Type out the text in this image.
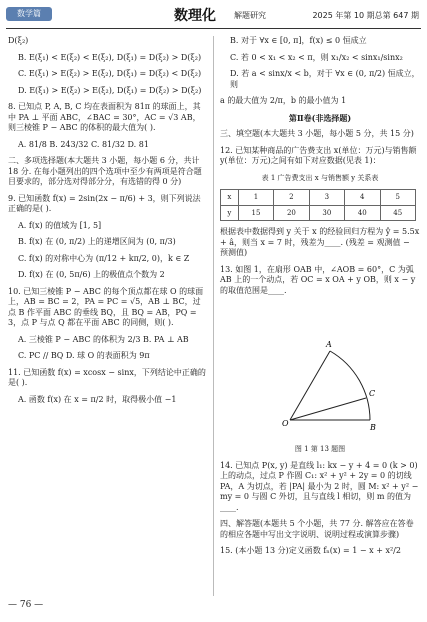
数学篇	数理化 解题研究	2025 年第 10 期总第 647 期

D(ξ₂)

B. E(ξ₁) < E(ξ₂) < E(ξ₂), D(ξ₁) = D(ξ₂) > D(ξ₂)

C. E(ξ₁) > E(ξ₂) > E(ξ₂), D(ξ₁) = D(ξ₂) < D(ξ₂)

D. E(ξ₁) > E(ξ₂) > E(ξ₂), D(ξ₁) = D(ξ₂) > D(ξ₂)

8. 已知点 P, A, B, C 均在表面积为 81π 的球面上，其中 PA ⊥ 平面 ABC，∠BAC = 30°，AC = √3 AB，则三棱锥 P − ABC 的体积的最大值为( ).

A. 81/8 B. 243/32 C. 81/32 D. 81

二、多项选择题(本大题共 3 小题，每小题 6 分，共计 18 分. 在每小题列出的四个选项中至少有两项是符合题目要求的，部分选对得部分分，有选错的得 0 分)

9. 已知函数 f(x) = 2sin(2x − π/6) + 3，则下列说法正确的是( ).

A. f(x) 的值域为 [1, 5]

B. f(x) 在 (0, π/2) 上的递增区间为 (0, π/3)

C. f(x) 的对称中心为 (π/12 + kπ/2, 0)，k ∈ Z

D. f(x) 在 (0, 5π/6) 上的极值点个数为 2

10. 已知三棱锥 P − ABC 的每个顶点都在球 O 的球面上，AB = BC = 2，PA = PC = √5，AB ⊥ BC，过点 B 作平面 ABC 的垂线 BQ，且 BQ = AB，PQ = 3，点 P 与点 Q 都在平面 ABC 的同侧，则( ).

A. 三棱锥 P − ABC 的体积为 2/3 B. PA ⊥ AB

C. PC // BQ D. 球 O 的表面积为 9π

11. 已知函数 f(x) = xcosx − sinx，下列结论中正确的是( ).

A. 函数 f(x) 在 x = π/2 时，取得极小值 −1

B. 对于 ∀x ∈ [0, π]，f(x) ≤ 0 恒成立

C. 若 0 < x₁ < x₂ < π，则 x₁/x₂ < sinx₁/sinx₂

D. 若 a < sinx/x < b，对于 ∀x ∈ (0, π/2) 恒成立，则

a 的最大值为 2/π，b 的最小值为 1

第Ⅱ卷(非选择题)

三、填空题(本大题共 3 小题，每小题 5 分，共 15 分)

12. 已知某种商品的广告费支出 x(单位：万元)与销售额 y(单位：万元)之间有如下对应数据(见表 1)：

表 1 广告费支出 x 与销售额 y 关系表

x	1	2	3	4	5
y	15	20	30	40	45

根据表中数据得到 y 关于 x 的经验回归方程为 ŷ = 5.5x + â，则当 x = 7 时，残差为____. (残差 = 观测值 − 预测值)

13. 如图 1，在扇形 OAB 中，∠AOB = 60°，C 为弧 AB 上的一个动点，若 OC = x OA + y OB，则 x − y 的取值范围是____.

O
A
B
C

图 1 第 13 题图

14. 已知点 P(x, y) 是直线 l₁: kx − y + 4 = 0 (k > 0) 上的动点，过点 P 作圆 C₁: x² + y² + 2y = 0 的切线 PA，A 为切点，若 |PA| 最小为 2 时，圆 M: x² + y² − my = 0 与圆 C 外切，且与直线 l 相切，则 m 的值为____.

四、解答题(本题共 5 个小题，共 77 分. 解答应在答卷的相应各题中写出文字说明、说明过程或演算步骤)

15. (本小题 13 分)定义函数 fₙ(x) = 1 − x + x²/2

— 76 —
